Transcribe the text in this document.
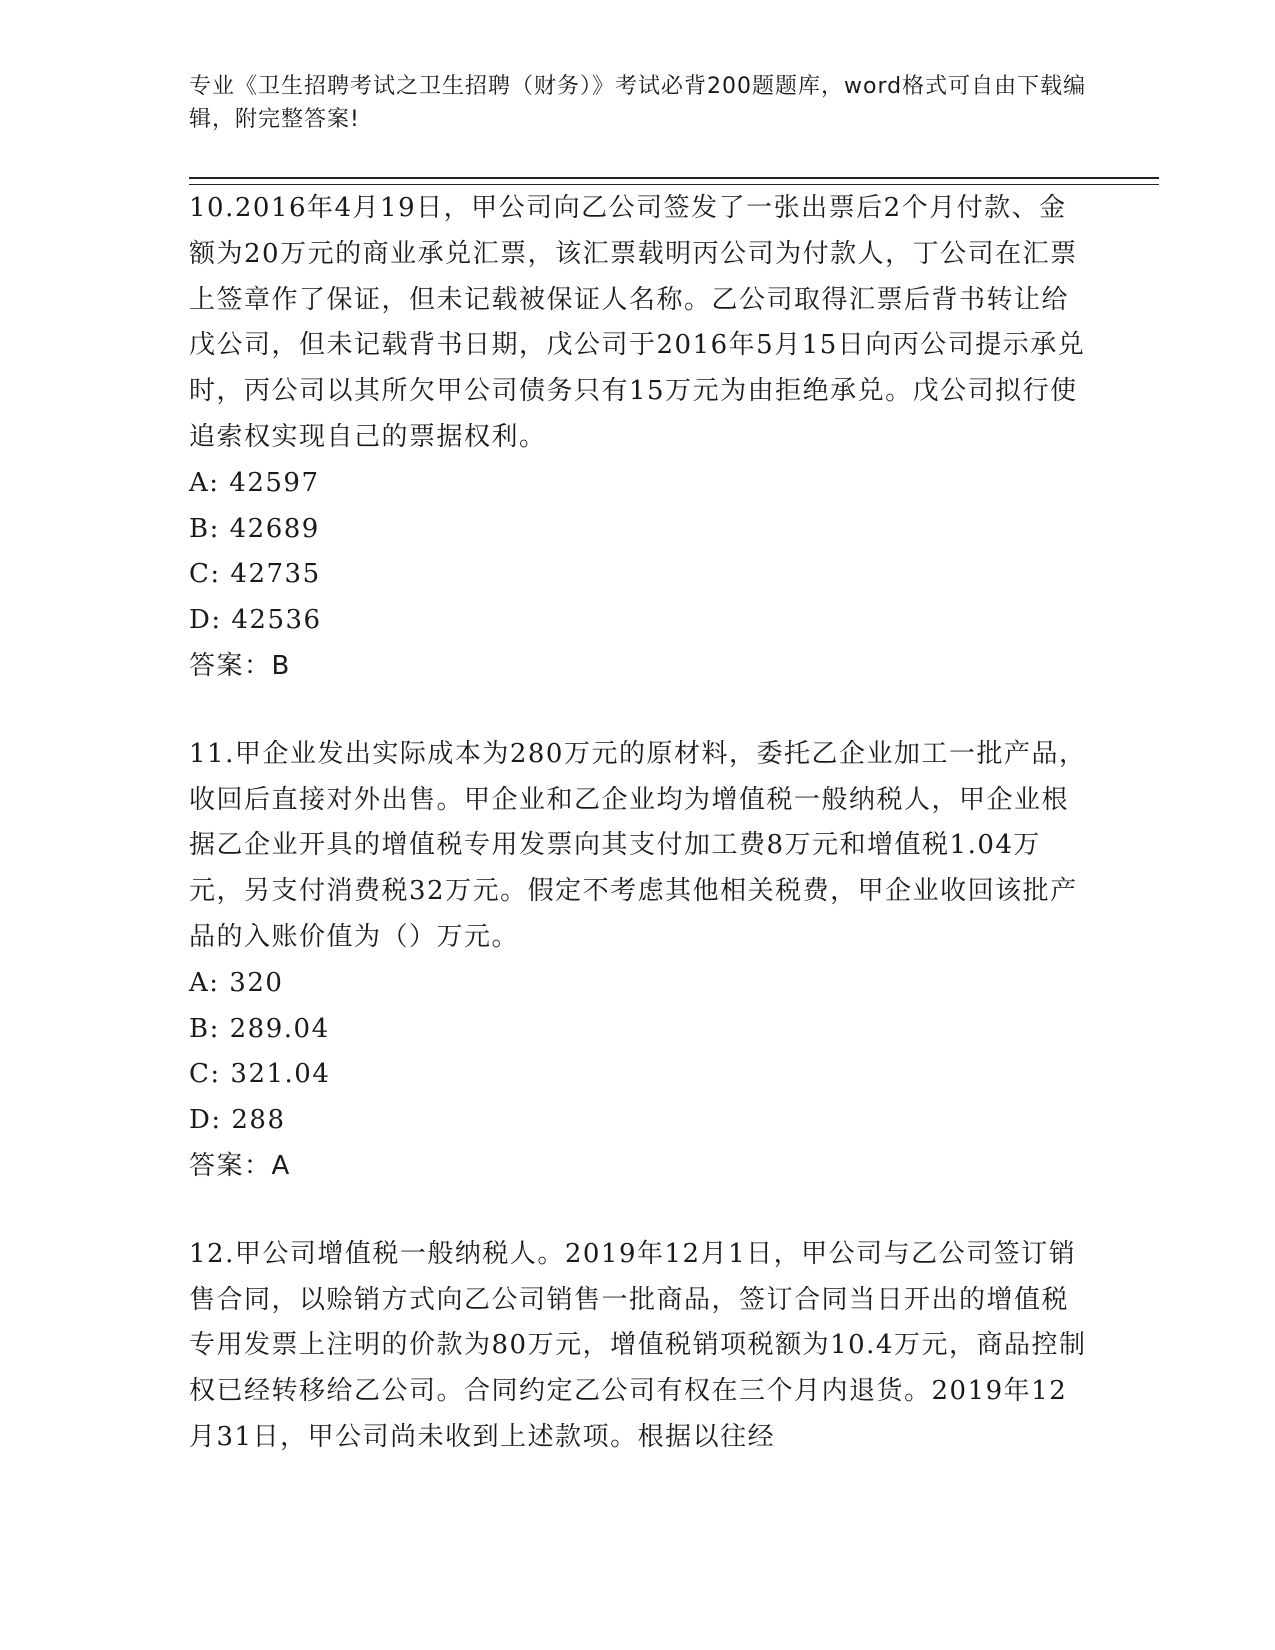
专业《卫生招聘考试之卫生招聘（财务）》考试必背200题题库，word格式可自由下载编辑，附完整答案!

10.2016年4月19日，甲公司向乙公司签发了一张出票后2个月付款、金额为20万元的商业承兑汇票，该汇票载明丙公司为付款人，丁公司在汇票上签章作了保证，但未记载被保证人名称。乙公司取得汇票后背书转让给戊公司，但未记载背书日期，戊公司于2016年5月15日向丙公司提示承兑时，丙公司以其所欠甲公司债务只有15万元为由拒绝承兑。戊公司拟行使追索权实现自己的票据权利。

A: 42597

B: 42689

C: 42735

D: 42536

答案：B

11.甲企业发出实际成本为280万元的原材料，委托乙企业加工一批产品，收回后直接对外出售。甲企业和乙企业均为增值税一般纳税人，甲企业根据乙企业开具的增值税专用发票向其支付加工费8万元和增值税1.04万元，另支付消费税32万元。假定不考虑其他相关税费，甲企业收回该批产品的入账价值为（）万元。

A: 320

B: 289.04

C: 321.04

D: 288

答案：A

12.甲公司增值税一般纳税人。2019年12月1日，甲公司与乙公司签订销售合同，以赊销方式向乙公司销售一批商品，签订合同当日开出的增值税专用发票上注明的价款为80万元，增值税销项税额为10.4万元，商品控制权已经转移给乙公司。合同约定乙公司有权在三个月内退货。2019年12月31日，甲公司尚未收到上述款项。根据以往经
